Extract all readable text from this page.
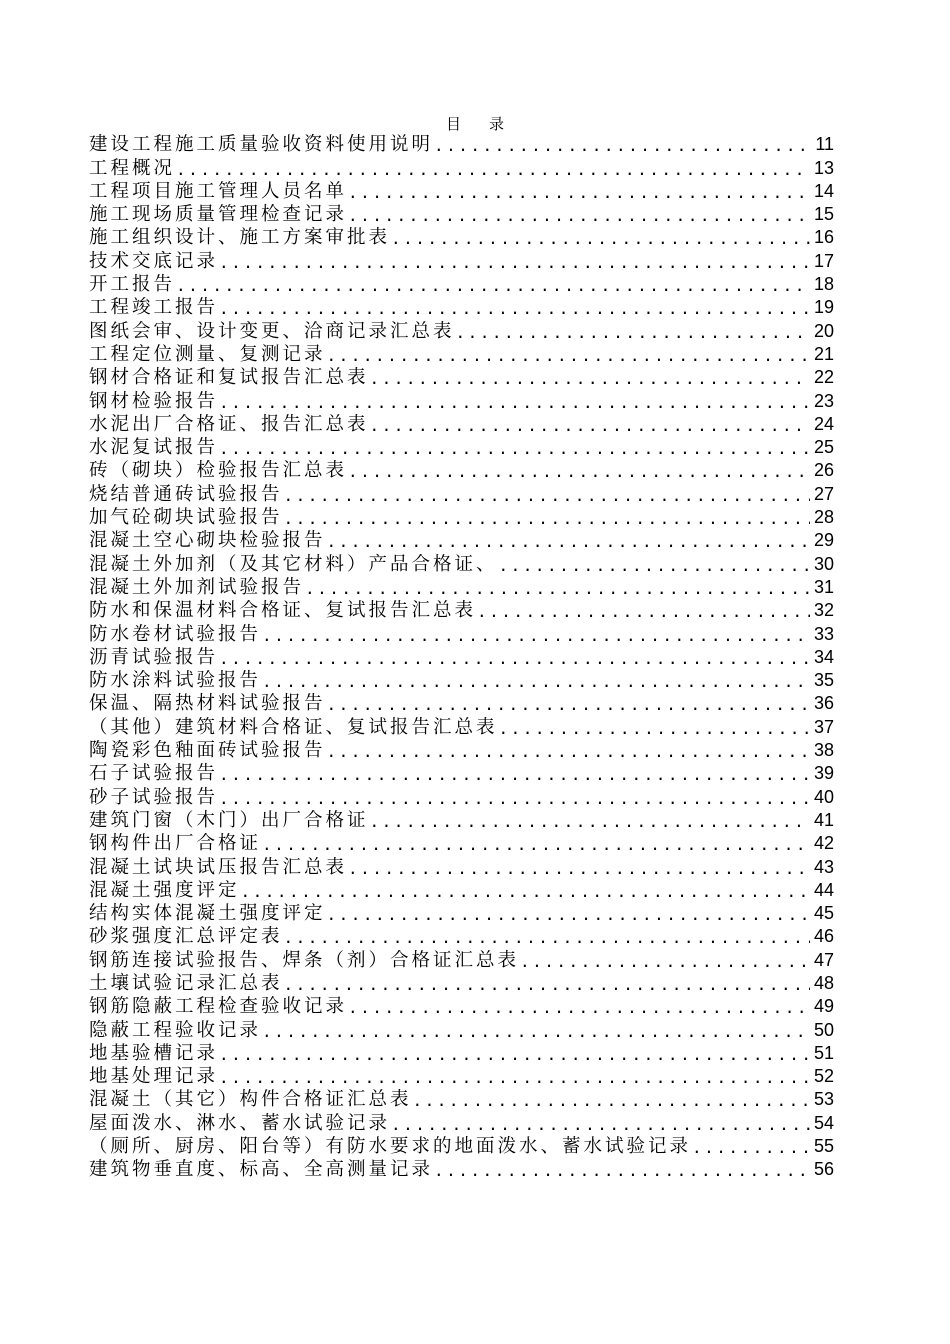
目录
建设工程施工质量验收资料使用说明 .....	11
工程概况 .....	13
工程项目施工管理人员名单 .....	14
施工现场质量管理检查记录 .....	15
施工组织设计、施工方案审批表 .....	16
技术交底记录 .....	17
开工报告 .....	18
工程竣工报告 .....	19
图纸会审、设计变更、洽商记录汇总表 .....	20
工程定位测量、复测记录 .....	21
钢材合格证和复试报告汇总表 .....	22
钢材检验报告 .....	23
水泥出厂合格证、报告汇总表 .....	24
水泥复试报告 .....	25
砖（砌块）检验报告汇总表 .....	26
烧结普通砖试验报告 .....	27
加气砼砌块试验报告 .....	28
混凝土空心砌块检验报告 .....	29
混凝土外加剂（及其它材料）产品合格证、 .....	30
混凝土外加剂试验报告 .....	31
防水和保温材料合格证、复试报告汇总表 .....	32
防水卷材试验报告 .....	33
沥青试验报告 .....	34
防水涂料试验报告 .....	35
保温、隔热材料试验报告 .....	36
（其他）建筑材料合格证、复试报告汇总表 .....	37
陶瓷彩色釉面砖试验报告 .....	38
石子试验报告 .....	39
砂子试验报告 .....	40
建筑门窗（木门）出厂合格证 .....	41
钢构件出厂合格证 .....	42
混凝土试块试压报告汇总表 .....	43
混凝土强度评定 .....	44
结构实体混凝土强度评定 .....	45
砂浆强度汇总评定表 .....	46
钢筋连接试验报告、焊条（剂）合格证汇总表 .....	47
土壤试验记录汇总表 .....	48
钢筋隐蔽工程检查验收记录 .....	49
隐蔽工程验收记录 .....	50
地基验槽记录 .....	51
地基处理记录 .....	52
混凝土（其它）构件合格证汇总表 .....	53
屋面泼水、淋水、蓄水试验记录 .....	54
（厕所、厨房、阳台等）有防水要求的地面泼水、蓄水试验记录 .....	55
建筑物垂直度、标高、全高测量记录 .....	56
